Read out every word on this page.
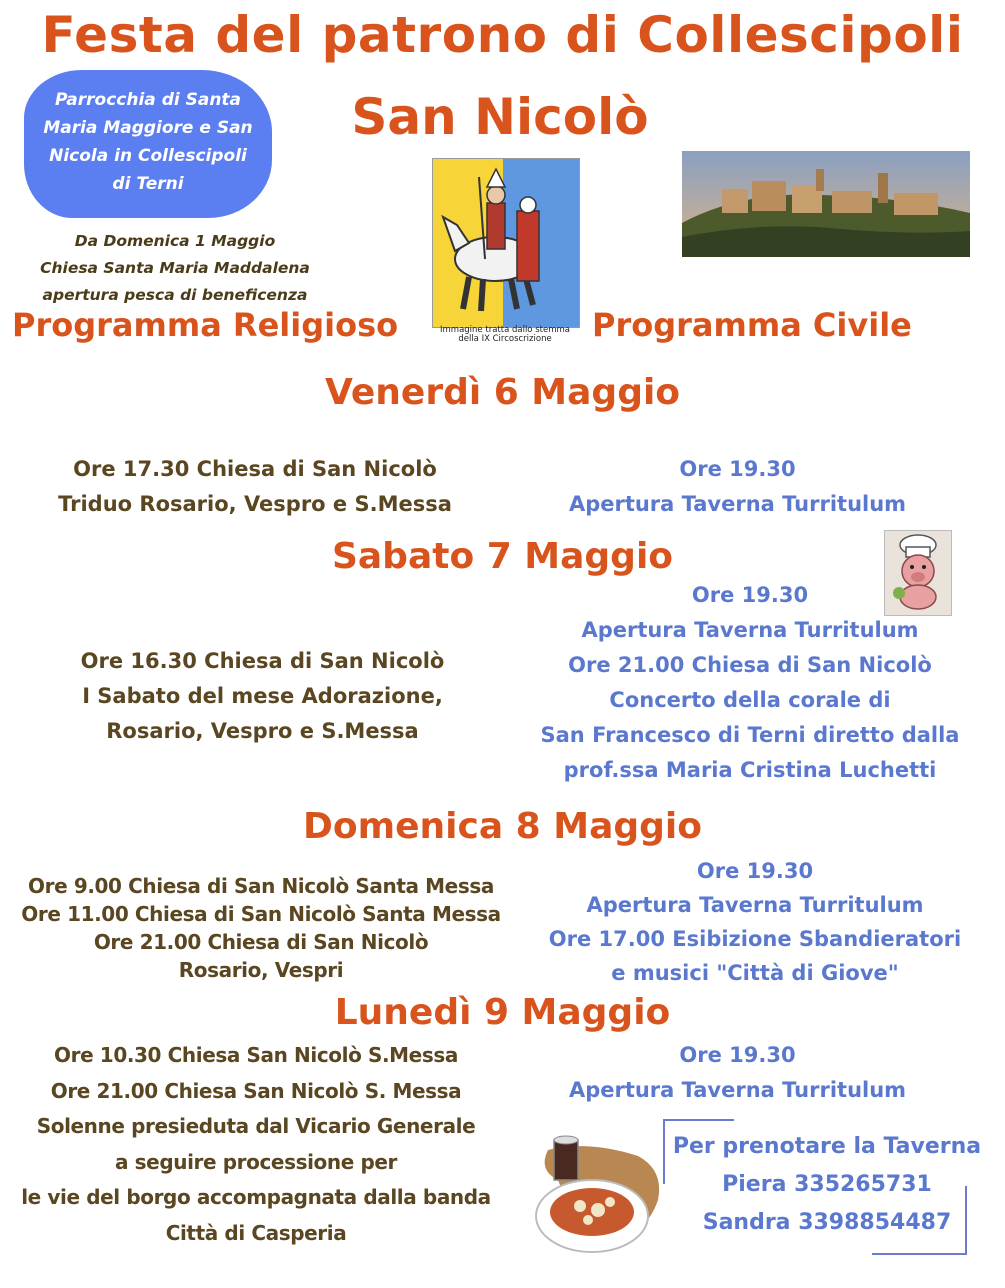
Festa del patrono di Collescipoli
San Nicolò
Parrocchia di Santa
Maria Maggiore e San
Nicola in Collescipoli
di Terni
Da Domenica 1 Maggio
Chiesa Santa Maria Maddalena
apertura pesca di beneficenza
Immagine tratta dallo stemma
della IX Circoscrizione
Programma Religioso	Programma Civile
Venerdì 6 Maggio
Ore 17.30 Chiesa di San Nicolò
Triduo Rosario, Vespro e S.Messa
Ore 19.30
Apertura Taverna Turritulum
Sabato 7 Maggio
Ore 16.30 Chiesa di San Nicolò
I Sabato del mese Adorazione,
Rosario, Vespro e S.Messa
Ore 19.30
Apertura Taverna Turritulum
Ore 21.00 Chiesa di San Nicolò
Concerto della corale di
San Francesco di Terni diretto dalla
prof.ssa Maria Cristina Luchetti
Domenica 8 Maggio
Ore 9.00 Chiesa di San Nicolò Santa Messa
Ore 11.00 Chiesa di San Nicolò Santa Messa
Ore 21.00 Chiesa di San Nicolò
Rosario, Vespri
Ore 19.30
Apertura Taverna Turritulum
Ore 17.00 Esibizione Sbandieratori
e musici "Città di Giove"
Lunedì 9 Maggio
Ore 10.30 Chiesa San Nicolò S.Messa
Ore 21.00 Chiesa San Nicolò S. Messa
Solenne presieduta dal Vicario Generale
a seguire processione per
le vie del borgo accompagnata dalla banda
Città di Casperia
Ore 19.30
Apertura Taverna Turritulum
Per prenotare la Taverna
Piera 335265731
Sandra 3398854487
